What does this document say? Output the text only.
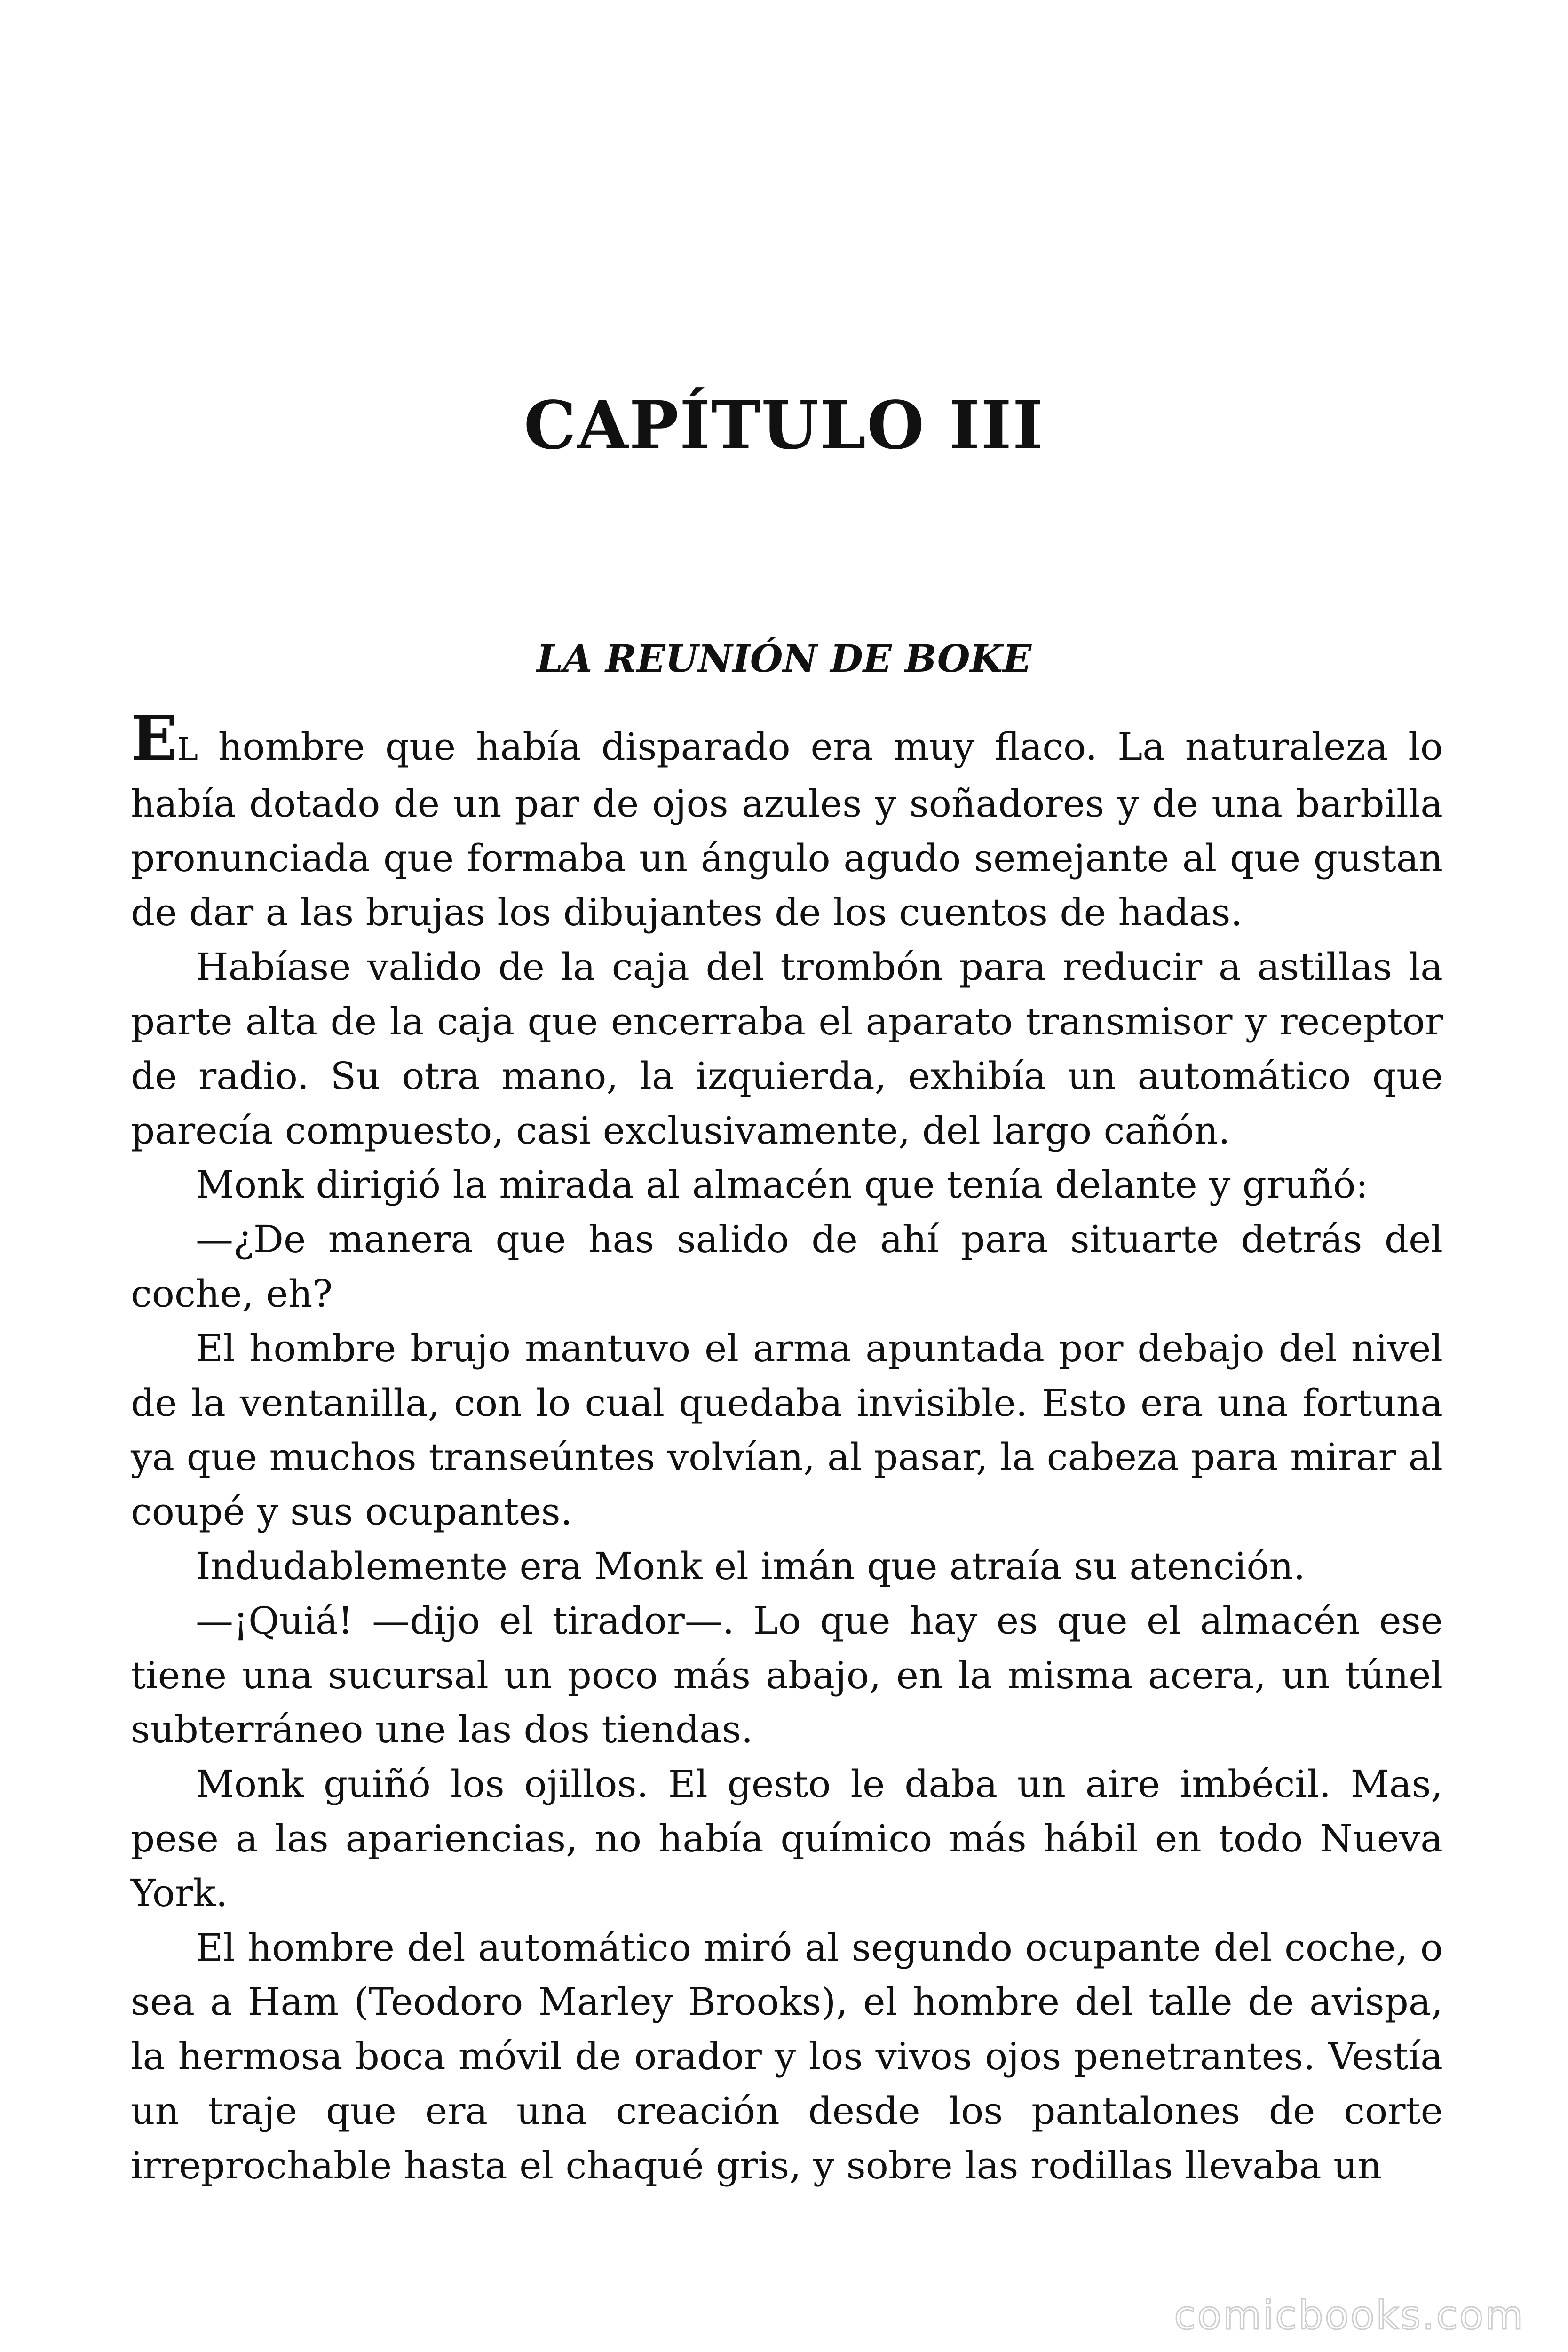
CAPÍTULO III
LA REUNIÓN DE BOKE

EL hombre que había disparado era muy flaco. La naturaleza lo había dotado de un par de ojos azules y soñadores y de una barbilla pronunciada que formaba un ángulo agudo semejante al que gustan de dar a las brujas los dibujantes de los cuentos de hadas.

Habíase valido de la caja del trombón para reducir a astillas la parte alta de la caja que encerraba el aparato transmisor y receptor de radio. Su otra mano, la izquierda, exhibía un automático que parecía compuesto, casi exclusivamente, del largo cañón.

Monk dirigió la mirada al almacén que tenía delante y gruñó:

—¿De manera que has salido de ahí para situarte detrás del coche, eh?

El hombre brujo mantuvo el arma apuntada por debajo del nivel de la ventanilla, con lo cual quedaba invisible. Esto era una fortuna ya que muchos transeúntes volvían, al pasar, la cabeza para mirar al coupé y sus ocupantes.

Indudablemente era Monk el imán que atraía su atención.

—¡Quiá! —dijo el tirador—. Lo que hay es que el almacén ese tiene una sucursal un poco más abajo, en la misma acera, un túnel subterráneo une las dos tiendas.

Monk guiñó los ojillos. El gesto le daba un aire imbécil. Mas, pese a las apariencias, no había químico más hábil en todo Nueva York.

El hombre del automático miró al segundo ocupante del coche, o sea a Ham (Teodoro Marley Brooks), el hombre del talle de avispa, la hermosa boca móvil de orador y los vivos ojos penetrantes. Vestía un traje que era una creación desde los pantalones de corte irreprochable hasta el chaqué gris, y sobre las rodillas llevaba un

comicbooks.com
